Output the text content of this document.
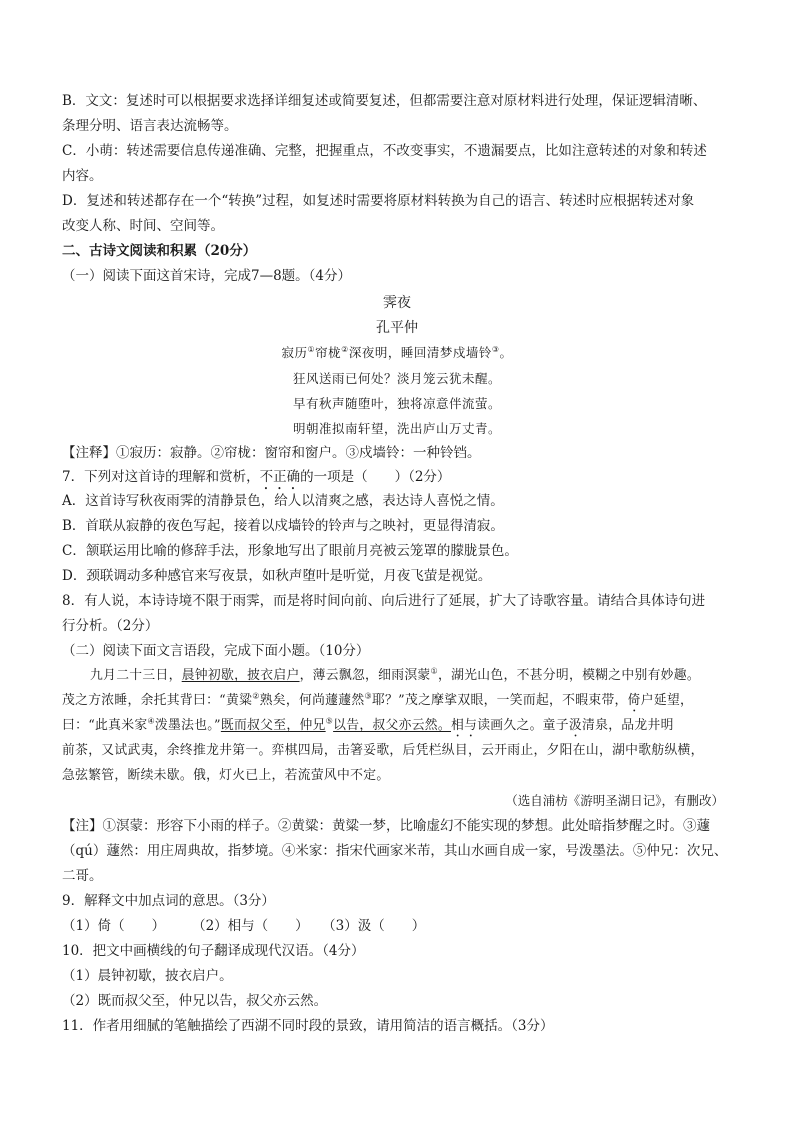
B．文文：复述时可以根据要求选择详细复述或简要复述，但都需要注意对原材料进行处理，保证逻辑清晰、
条理分明、语言表达流畅等。
C．小萌：转述需要信息传递准确、完整，把握重点，不改变事实，不遗漏要点，比如注意转述的对象和转述
内容。
D．复述和转述都存在一个“转换”过程，如复述时需要将原材料转换为自己的语言、转述时应根据转述对象
改变人称、时间、空间等。
二、古诗文阅读和积累（20分）
（一）阅读下面这首宋诗，完成7—8题。（4分）
霁夜
孔平仲
寂历①帘栊②深夜明，睡回清梦戍墙铃③。
狂风送雨已何处？淡月笼云犹未醒。
早有秋声随堕叶，独将凉意伴流萤。
明朝准拟南轩望，洗出庐山万丈青。
【注释】①寂历：寂静。②帘栊：窗帘和窗户。③戍墙铃：一种铃铛。
7．下列对这首诗的理解和赏析，不正确的一项是（　　）（2分）
A．这首诗写秋夜雨霁的清静景色，给人以清爽之感，表达诗人喜悦之情。
B．首联从寂静的夜色写起，接着以戍墙铃的铃声与之映衬，更显得清寂。
C．颔联运用比喻的修辞手法，形象地写出了眼前月亮被云笼罩的朦胧景色。
D．颈联调动多种感官来写夜景，如秋声堕叶是听觉，月夜飞萤是视觉。
8．有人说，本诗诗境不限于雨霁，而是将时间向前、向后进行了延展，扩大了诗歌容量。请结合具体诗句进
行分析。（2分）
（二）阅读下面文言语段，完成下面小题。（10分）
九月二十三日，晨钟初歇，披衣启户，薄云飘忽，细雨溟蒙①，湖光山色，不甚分明，模糊之中别有妙趣。
茂之方浓睡，余托其背曰：“黄粱②熟矣，何尚蘧蘧然③耶？”茂之摩挲双眼，一笑而起，不暇束带，倚户延望，
曰：“此真米家④泼墨法也。”既而叔父至，仲兄⑤以告，叔父亦云然。相与读画久之。童子汲清泉，品龙井明
前茶，又试武夷，余终推龙井第一。弈棋四局，击箸妥歌，后凭栏纵目，云开雨止，夕阳在山，湖中歌舫纵横，
急弦繁管，断续未歇。俄，灯火已上，若流萤风中不定。
（选自浦枋《游明圣湖日记》，有删改）
【注】①溟蒙：形容下小雨的样子。②黄粱：黄粱一梦，比喻虚幻不能实现的梦想。此处暗指梦醒之时。③蘧
（qú）蘧然：用庄周典故，指梦境。④米家：指宋代画家米芾，其山水画自成一家，号泼墨法。⑤仲兄：次兄、
二哥。
9．解释文中加点词的意思。（3分）
（1）倚（　　）　　　（2）相与（　　）　　（3）汲（　　）
10．把文中画横线的句子翻译成现代汉语。（4分）
（1）晨钟初歇，披衣启户。
（2）既而叔父至，仲兄以告，叔父亦云然。
11．作者用细腻的笔触描绘了西湖不同时段的景致，请用简洁的语言概括。（3分）
